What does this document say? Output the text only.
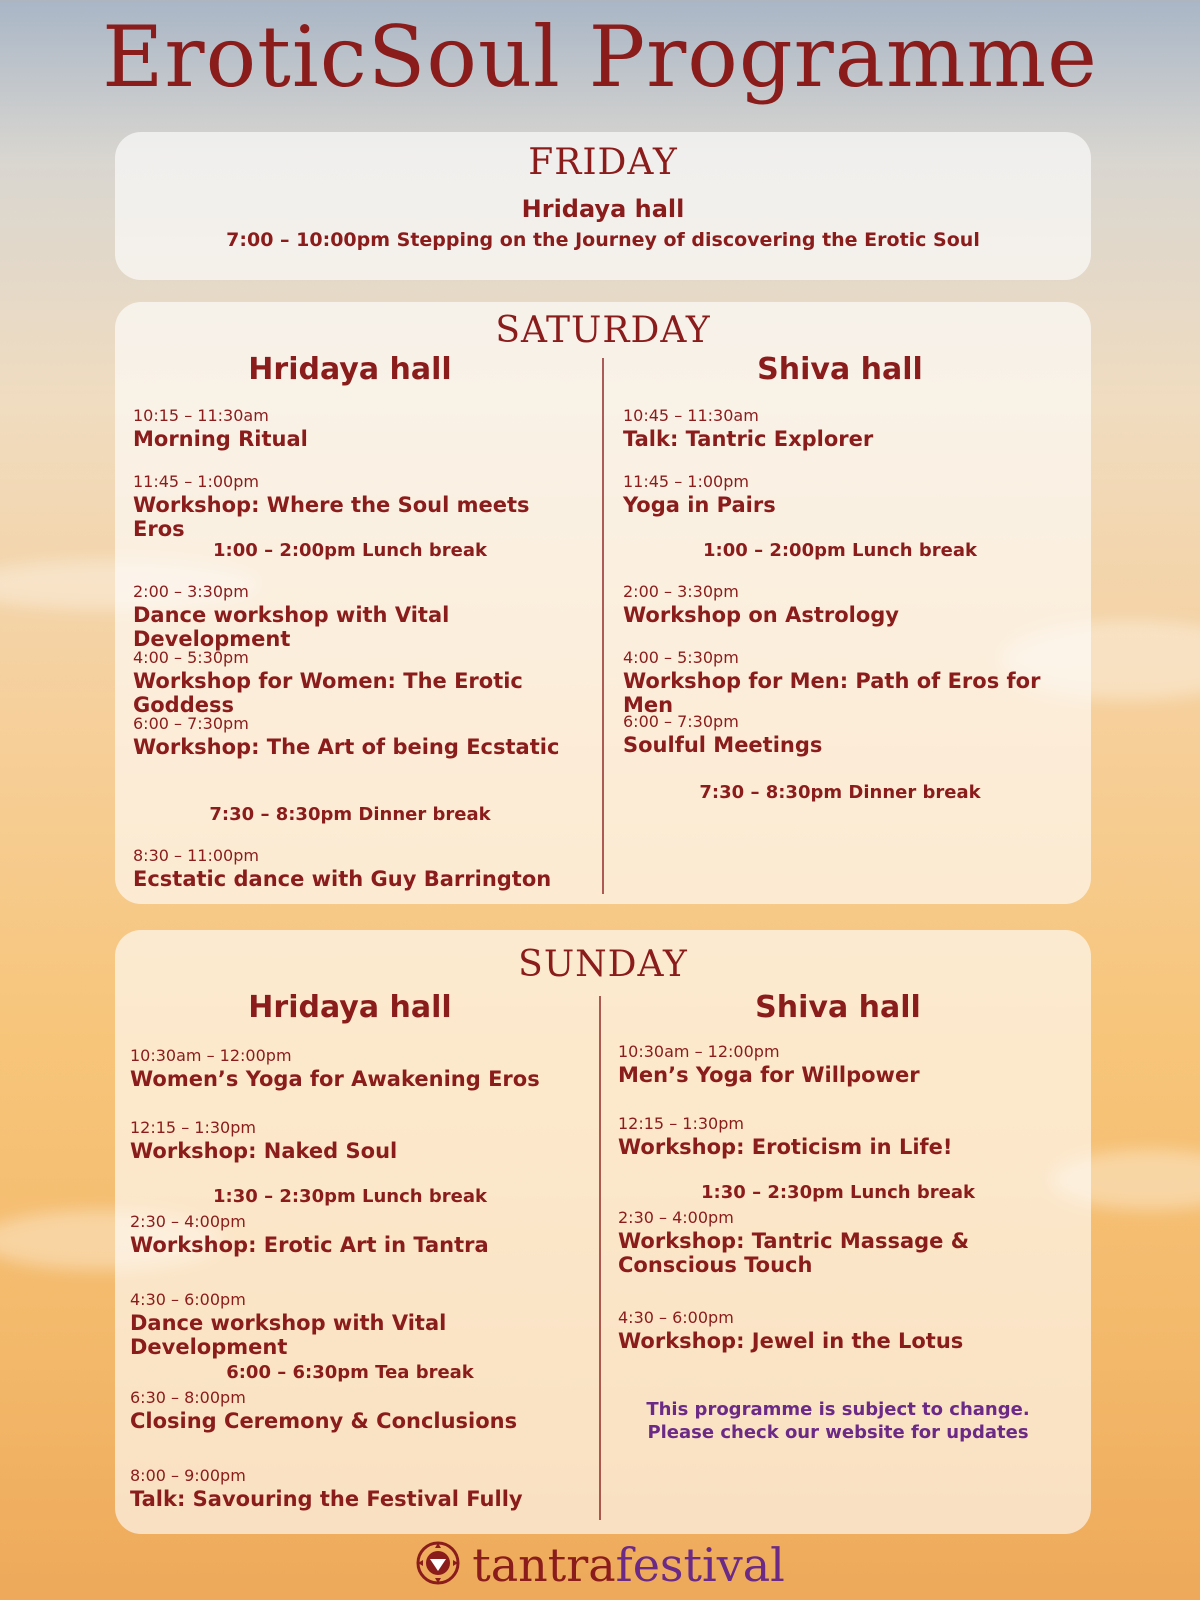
EroticSoul Programme
FRIDAY
Hridaya hall
7:00 – 10:00pm Stepping on the Journey of discovering the Erotic Soul
SATURDAY
Hridaya hall
10:15 – 11:30am
Morning Ritual
11:45 – 1:00pm
Workshop: Where the Soul meets Eros
1:00 – 2:00pm Lunch break
2:00 – 3:30pm
Dance workshop with Vital Development
4:00 – 5:30pm
Workshop for Women: The Erotic Goddess
6:00 – 7:30pm
Workshop: The Art of being Ecstatic
7:30 – 8:30pm Dinner break
8:30 – 11:00pm
Ecstatic dance with Guy Barrington
Shiva hall
10:45 – 11:30am
Talk: Tantric Explorer
11:45 – 1:00pm
Yoga in Pairs
1:00 – 2:00pm Lunch break
2:00 – 3:30pm
Workshop on Astrology
4:00 – 5:30pm
Workshop for Men: Path of Eros for Men
6:00 – 7:30pm
Soulful Meetings
7:30 – 8:30pm Dinner break
SUNDAY
Hridaya hall
10:30am – 12:00pm
Women’s Yoga for Awakening Eros
12:15 – 1:30pm
Workshop: Naked Soul
1:30 – 2:30pm Lunch break
2:30 – 4:00pm
Workshop: Erotic Art in Tantra
4:30 – 6:00pm
Dance workshop with Vital Development
6:00 – 6:30pm Tea break
6:30 – 8:00pm
Closing Ceremony & Conclusions
8:00 – 9:00pm
Talk: Savouring the Festival Fully
Shiva hall
10:30am – 12:00pm
Men’s Yoga for Willpower
12:15 – 1:30pm
Workshop: Eroticism in Life!
1:30 – 2:30pm Lunch break
2:30 – 4:00pm
Workshop: Tantric Massage & Conscious Touch
4:30 – 6:00pm
Workshop: Jewel in the Lotus
This programme is subject to change.
Please check our website for updates
tantrafestival
